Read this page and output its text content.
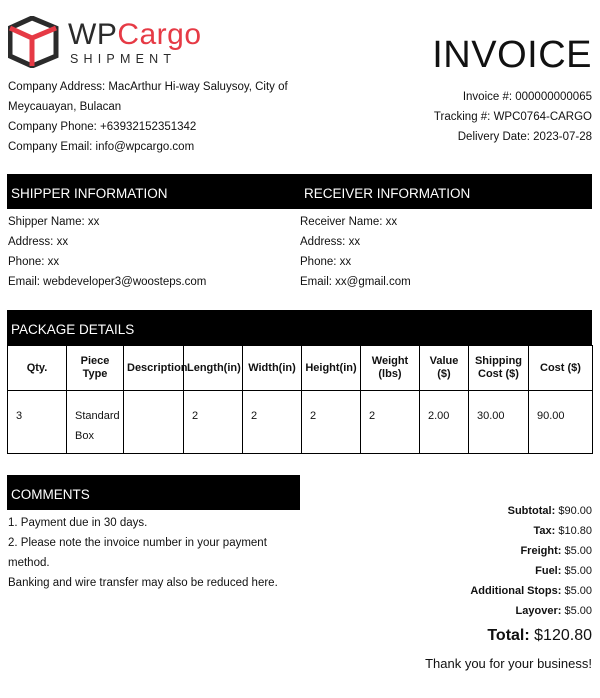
WPCargo
SHIPMENT	INVOICE
Company Address: MacArthur Hi-way Saluysoy, City of
Meycauayan, Bulacan
Company Phone: +63932152351342
Company Email: info@wpcargo.com
Invoice #: 000000000065
Tracking #: WPC0764-CARGO
Delivery Date: 2023-07-28
SHIPPER INFORMATION	RECEIVER INFORMATION
Shipper Name: xx
Address: xx
Phone: xx
Email: webdeveloper3@woosteps.com
Receiver Name: xx
Address: xx
Phone: xx
Email: xx@gmail.com
PACKAGE DETAILS
Qty.	Piece Type	Description	Length(in)	Width(in)	Height(in)	Weight (lbs)	Value ($)	Shipping Cost ($)	Cost ($)
3	Standard Box		2	2	2	2	2.00	30.00	90.00
COMMENTS
1. Payment due in 30 days.
2. Please note the invoice number in your payment method.
Banking and wire transfer may also be reduced here.
Subtotal: $90.00
Tax: $10.80
Freight: $5.00
Fuel: $5.00
Additional Stops: $5.00
Layover: $5.00
Total: $120.80
Thank you for your business!
